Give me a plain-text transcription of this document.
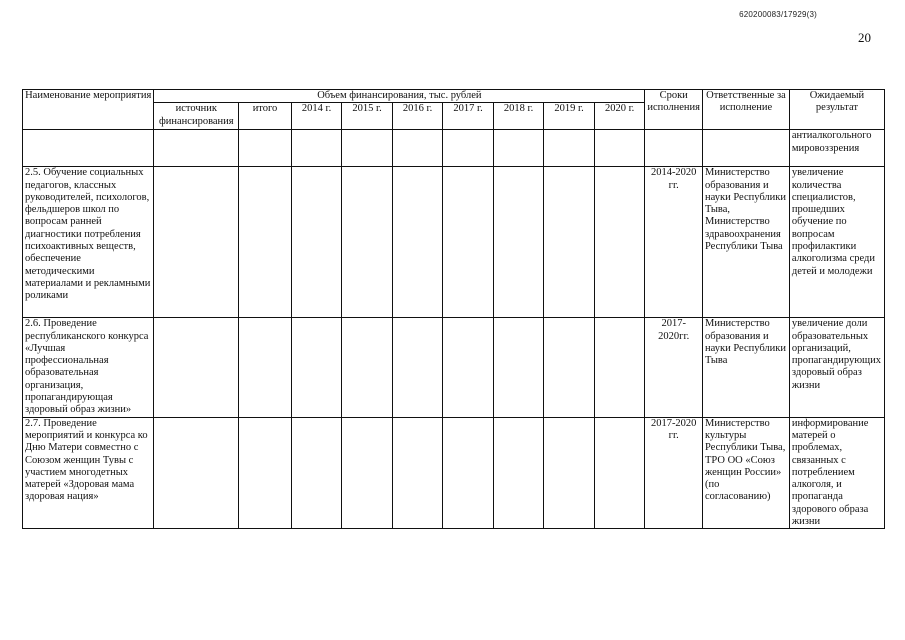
620200083/17929(3)
20
Наименование мероприятия	Объем финансирования, тыс. рублей									Сроки исполнения	Ответственные за исполнение	Ожидаемый результат
	источник финансирования	итого	2014 г.	2015 г.	2016 г.	2017 г.	2018 г.	2019 г.	2020 г.			
												антиалкогольного мировоззрения
2.5. Обучение социальных педагогов, классных руководителей, психологов, фельдшеров школ по вопросам ранней диагностики потребления психоактивных веществ, обеспечение методическими материалами и рекламными роликами										2014-2020 гг.	Министерство образования и науки Республики Тыва, Министерство здравоохранения Республики Тыва	увеличение количества специалистов, прошедших обучение по вопросам профилактики алкоголизма среди детей и молодежи
2.6. Проведение республиканского конкурса «Лучшая профессиональная образовательная организация, пропагандирующая здоровый образ жизни»										2017-2020гг.	Министерство образования и науки Республики Тыва	увеличение доли образовательных организаций, пропагандирующих здоровый образ жизни
2.7. Проведение мероприятий и конкурса ко Дню Матери совместно с Союзом женщин Тувы с участием многодетных матерей «Здоровая мама здоровая нация»										2017-2020 гг.	Министерство культуры Республики Тыва, ТРО ОО «Союз женщин России» (по согласованию)	информирование матерей о проблемах, связанных с потреблением алкоголя, и пропаганда здорового образа жизни
